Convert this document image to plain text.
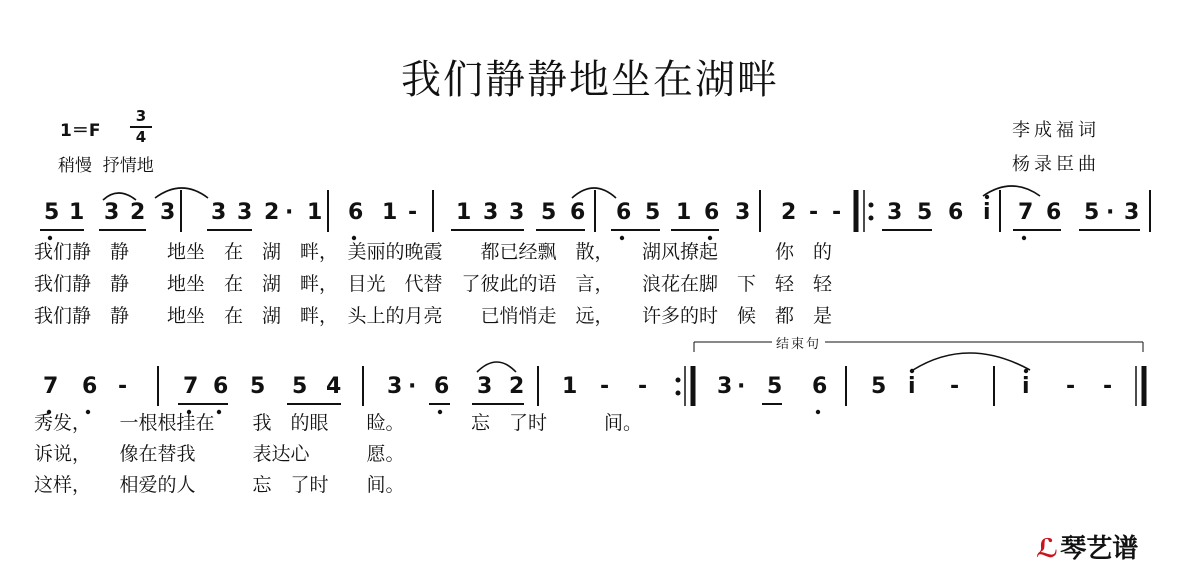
我们静静地坐在湖畔
1＝F
3
4
稍慢  抒情地
李成福词
杨录臣曲
结束句
5 1 3 2 3 3 3 2 · 1 6 1 - 1 3 3 5 6 6 5 1 6 3 2 - - 3 5 6 i 7 6 5 · 3
7 6 -	7 6 5 5 4 3 · 6 3 2 1 - -	3 · 5 6 5 i -	i - -
我们静　静　　地坐　在　湖　畔，　美丽的晚霞　　都已经飘　散，　　湖风撩起　　　你　的
我们静　静　　地坐　在　湖　畔，　目光　代替　了彼此的语　言，　　浪花在脚　下　轻　轻
我们静　静　　地坐　在　湖　畔，　头上的月亮　　已悄悄走　远，　　许多的时　候　都　是
秀发，　　一根根挂在　　我　的眼　　睑。　　　　忘　了时　　　间。
诉说，　　像在替我　　　表达心　　　愿。
这样，　　相爱的人　　　忘　了时　　间。
ℒ琴艺谱
